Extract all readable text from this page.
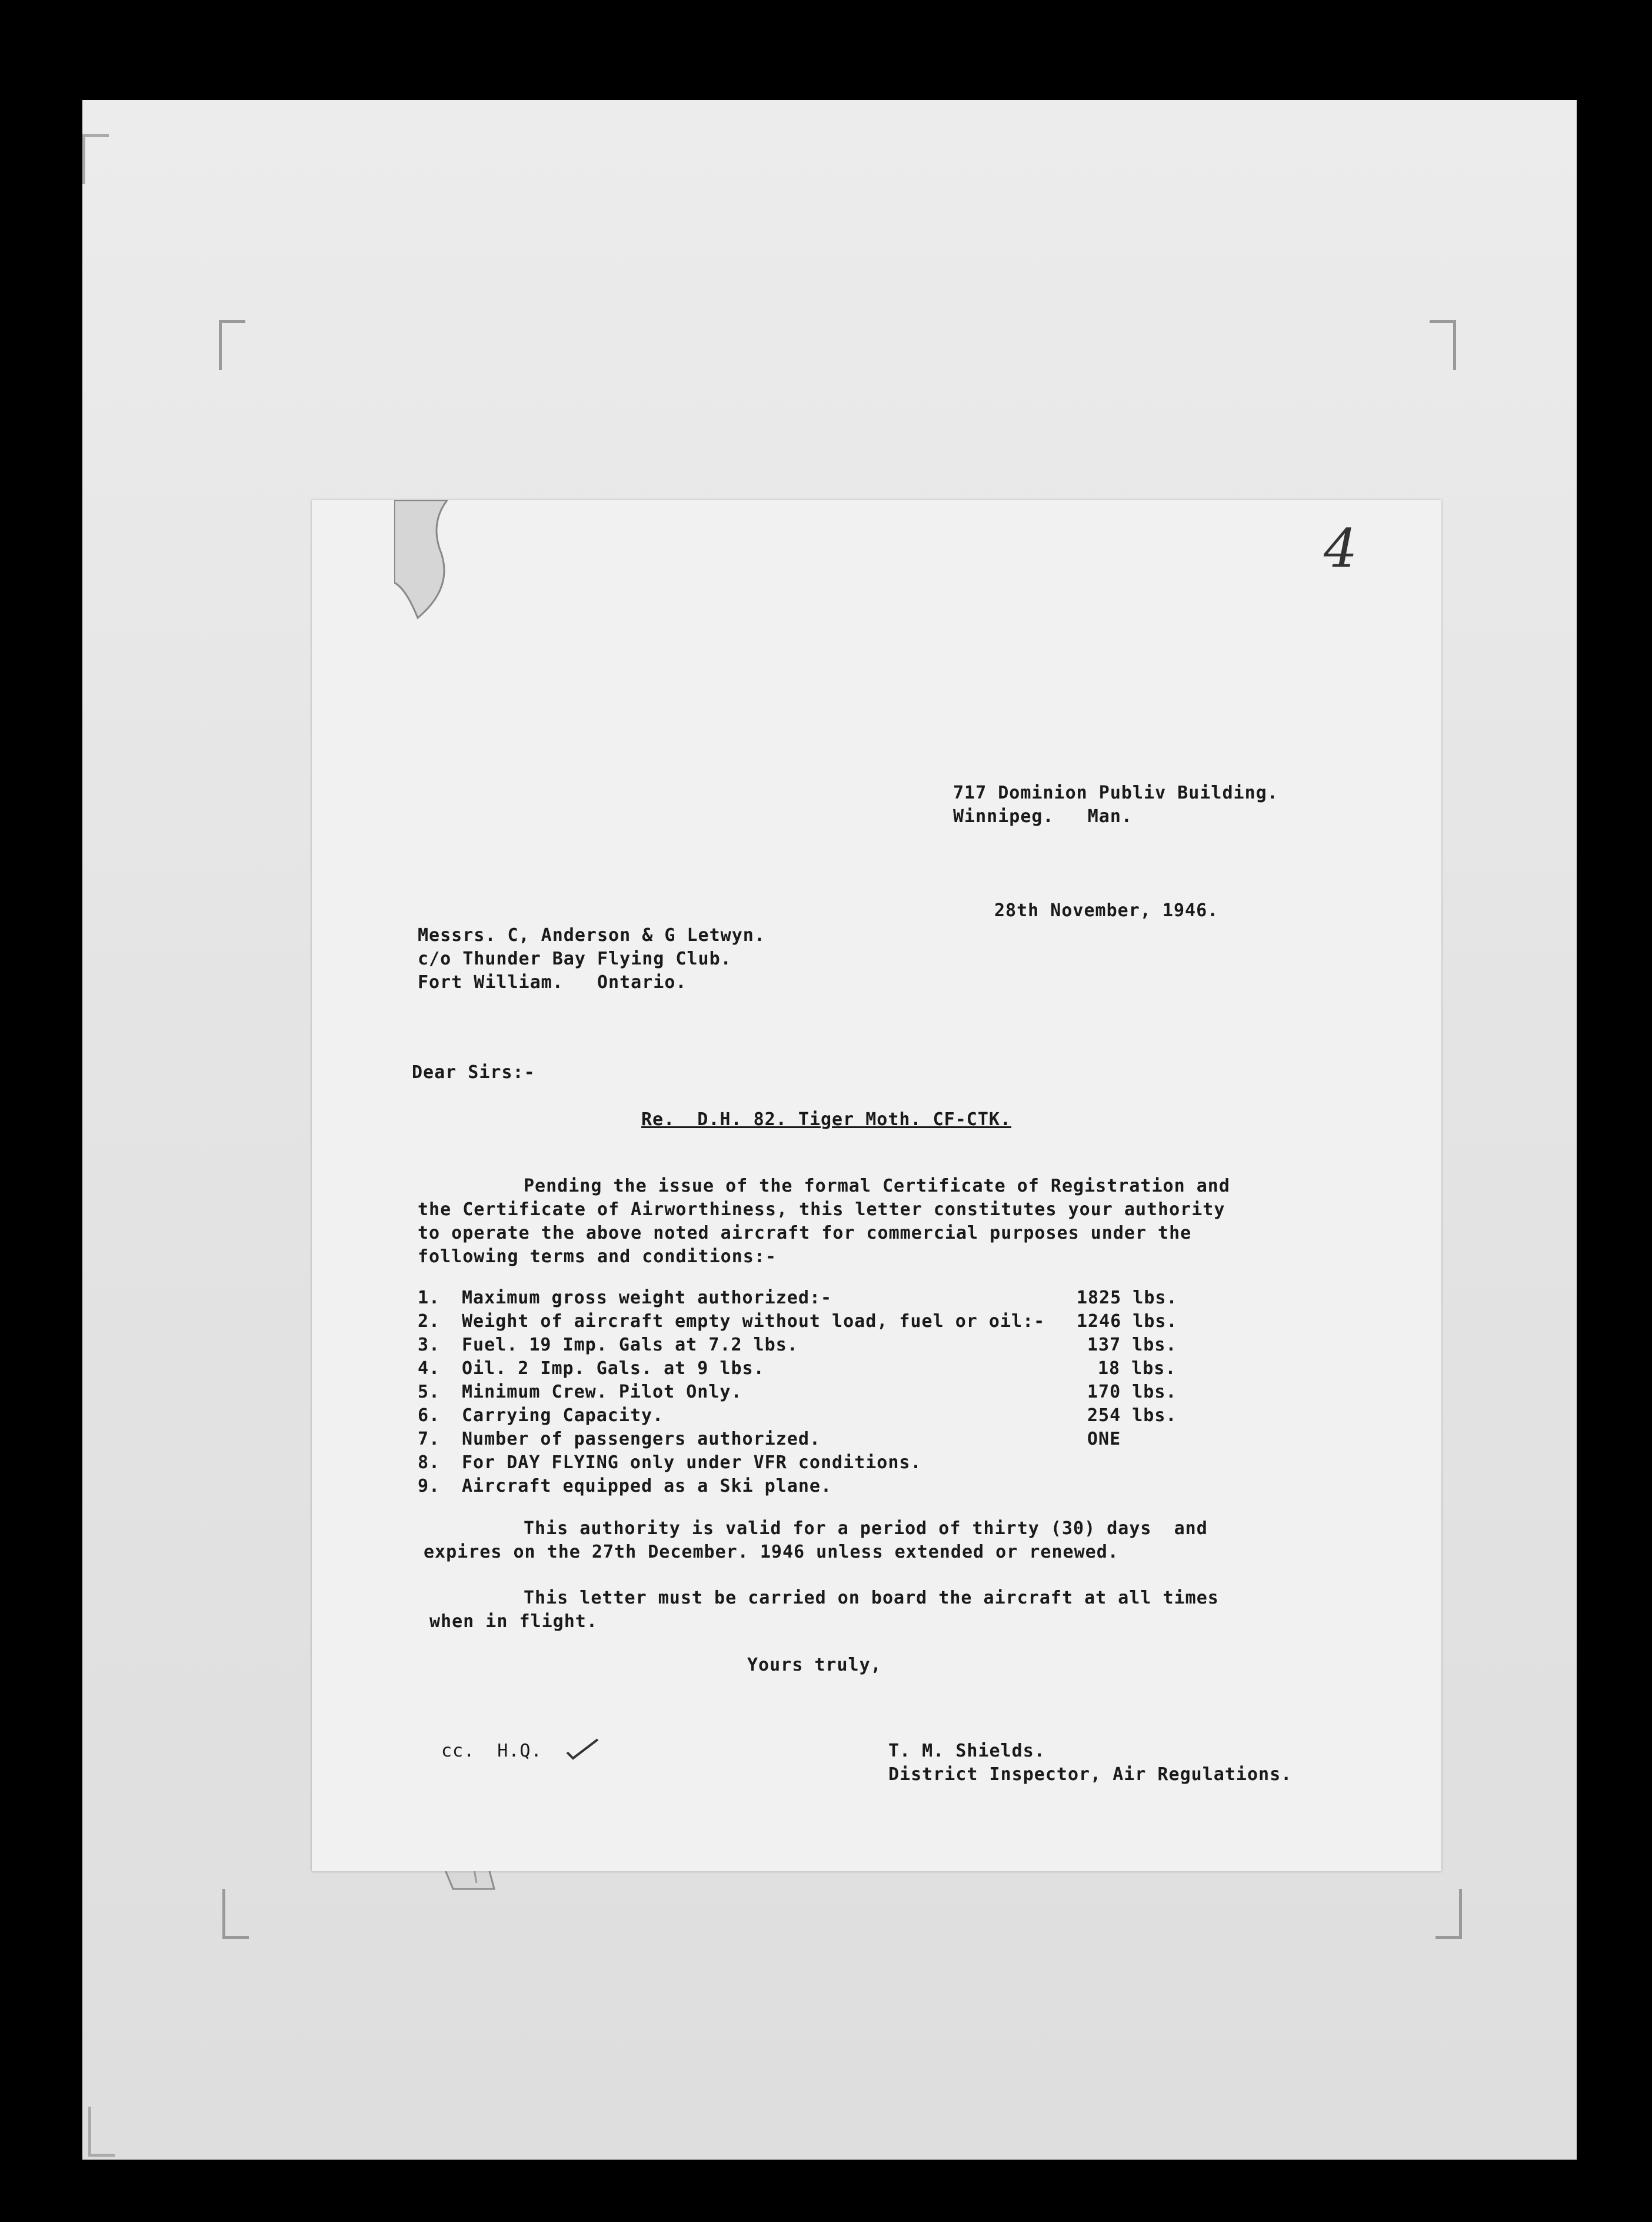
4
717 Dominion Publiv Building.
Winnipeg.   Man.
28th November, 1946.
Messrs. C, Anderson & G Letwyn.
c/o Thunder Bay Flying Club.
Fort William.   Ontario.
Dear Sirs:-
Re.  D.H. 82. Tiger Moth. CF-CTK.
Pending the issue of the formal Certificate of Registration and
the Certificate of Airworthiness, this letter constitutes your authority
to operate the above noted aircraft for commercial purposes under the
following terms and conditions:-
1. Maximum gross weight authorized:-	1825 lbs.
2. Weight of aircraft empty without load, fuel or oil:- 1246 lbs.
3. Fuel. 19 Imp. Gals at 7.2 lbs.	137 lbs.
4. Oil. 2 Imp. Gals. at 9 lbs.	18 lbs.
5. Minimum Crew. Pilot Only.	170 lbs.
6. Carrying Capacity.	254 lbs.
7. Number of passengers authorized.	ONE
8. For DAY FLYING only under VFR conditions.
9. Aircraft equipped as a Ski plane.
This authority is valid for a period of thirty (30) days  and
expires on the 27th December. 1946 unless extended or renewed.
This letter must be carried on board the aircraft at all times
when in flight.
Yours truly,
cc.  H.Q.	T. M. Shields.
District Inspector, Air Regulations.
